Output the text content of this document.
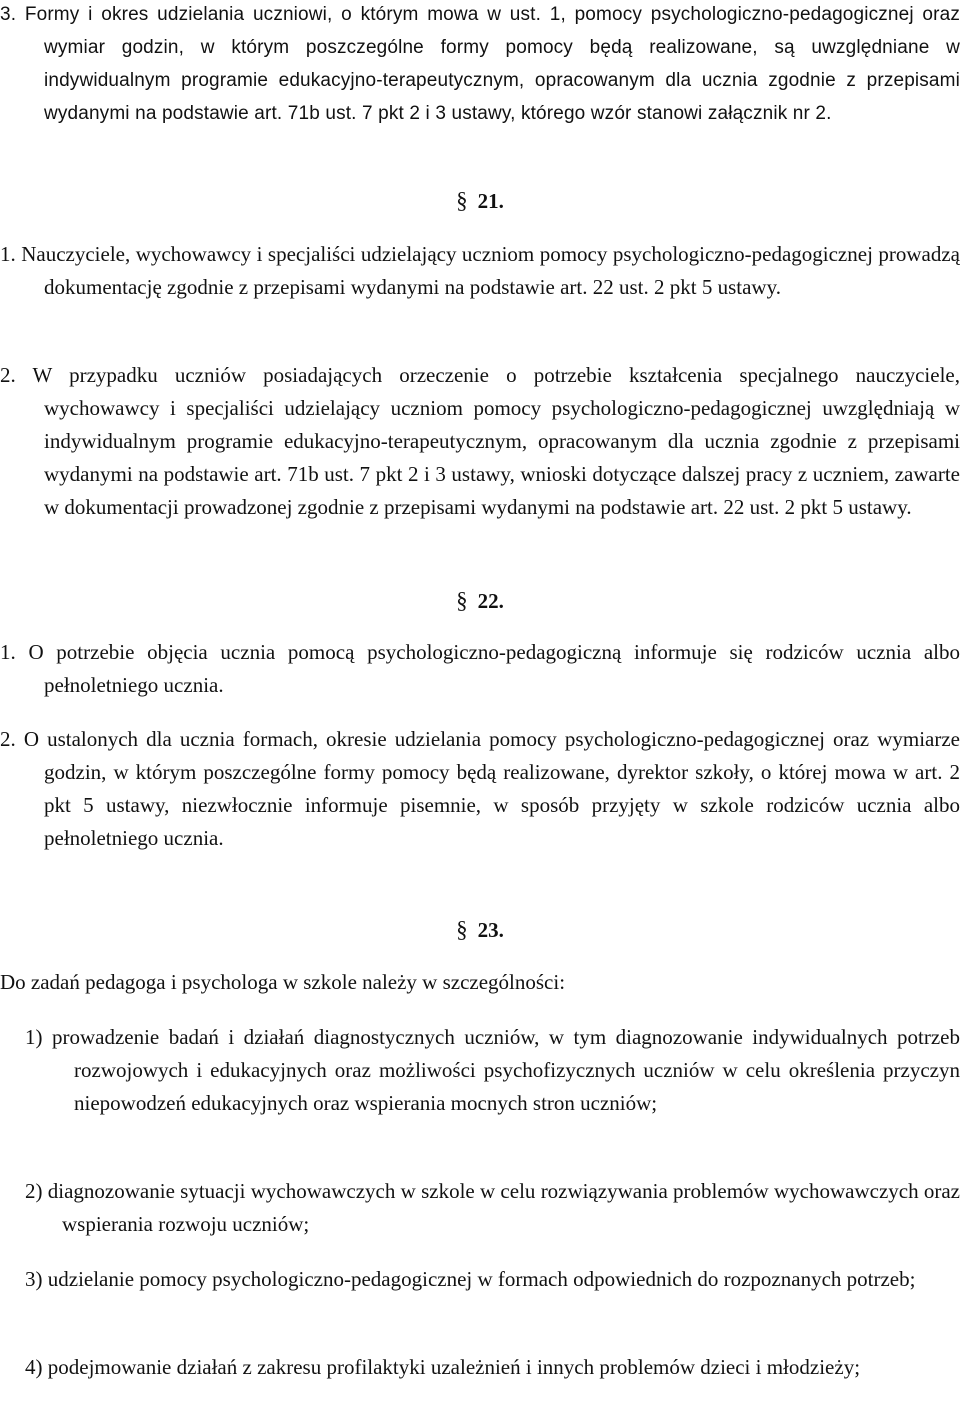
3. Formy i okres udzielania uczniowi, o którym mowa w ust. 1, pomocy psychologiczno-pedagogicznej oraz wymiar godzin, w którym poszczególne formy pomocy będą realizowane, są uwzględniane w indywidualnym programie edukacyjno-terapeutycznym, opracowanym dla ucznia zgodnie z przepisami wydanymi na podstawie art. 71b ust. 7 pkt 2 i 3 ustawy, którego wzór stanowi załącznik nr 2.

§ 21.

1. Nauczyciele, wychowawcy i specjaliści udzielający uczniom pomocy psychologiczno-pedagogicznej prowadzą dokumentację zgodnie z przepisami wydanymi na podstawie art. 22 ust. 2 pkt 5 ustawy.

2. W przypadku uczniów posiadających orzeczenie o potrzebie kształcenia specjalnego nauczyciele, wychowawcy i specjaliści udzielający uczniom pomocy psychologiczno-pedagogicznej uwzględniają w indywidualnym programie edukacyjno-terapeutycznym, opracowanym dla ucznia zgodnie z przepisami wydanymi na podstawie art. 71b ust. 7 pkt 2 i 3 ustawy, wnioski dotyczące dalszej pracy z uczniem, zawarte w dokumentacji prowadzonej zgodnie z przepisami wydanymi na podstawie art. 22 ust. 2 pkt 5 ustawy.

§ 22.

1. O potrzebie objęcia ucznia pomocą psychologiczno-pedagogiczną informuje się rodziców ucznia albo pełnoletniego ucznia.

2. O ustalonych dla ucznia formach, okresie udzielania pomocy psychologiczno-pedagogicznej oraz wymiarze godzin, w którym poszczególne formy pomocy będą realizowane, dyrektor szkoły, o której mowa w art. 2 pkt 5 ustawy, niezwłocznie informuje pisemnie, w sposób przyjęty w szkole rodziców ucznia albo pełnoletniego ucznia.

§ 23.

Do zadań pedagoga i psychologa w szkole należy w szczególności:

1) prowadzenie badań i działań diagnostycznych uczniów, w tym diagnozowanie indywidualnych potrzeb rozwojowych i edukacyjnych oraz możliwości psychofizycznych uczniów w celu określenia przyczyn niepowodzeń edukacyjnych oraz wspierania mocnych stron uczniów;

2) diagnozowanie sytuacji wychowawczych w szkole w celu rozwiązywania problemów wychowawczych oraz wspierania rozwoju uczniów;

3) udzielanie pomocy psychologiczno-pedagogicznej w formach odpowiednich do rozpoznanych potrzeb;

4) podejmowanie działań z zakresu profilaktyki uzależnień i innych problemów dzieci i młodzieży;
